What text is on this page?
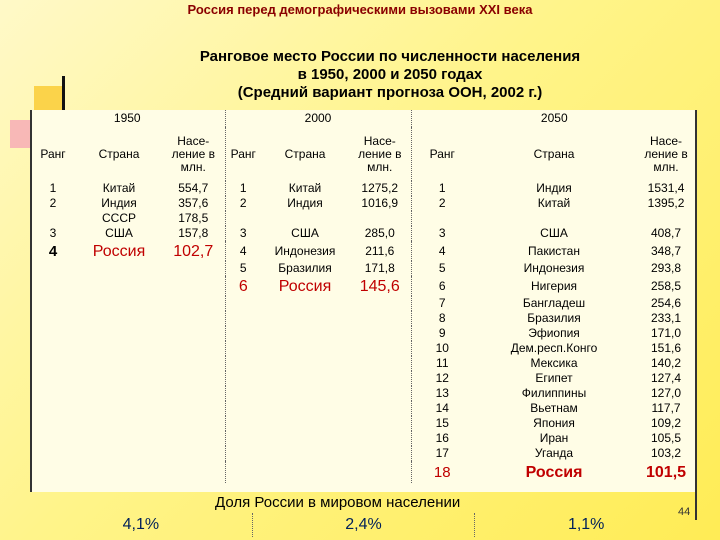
Россия перед демографическими вызовами XXI века
Ранговое место России по численности населения
в 1950, 2000 и 2050 годах
(Средний вариант прогноза ООН, 2002 г.)
1950			2000			2050		
Ранг	Страна	Насе-
ление в
млн.	Ранг	Страна	Насе-
ление в
млн.	Ранг	Страна	Насе-
ление в
млн.
1	Китай	554,7	1	Китай	1275,2	1	Индия	1531,4
2	Индия	357,6	2	Индия	1016,9	2	Китай	1395,2
	СССР	178,5						
3	США	157,8	3	США	285,0	3	США	408,7
4	Россия	102,7	4	Индонезия	211,6	4	Пакистан	348,7
			5	Бразилия	171,8	5	Индонезия	293,8
			6	Россия	145,6	6	Нигерия	258,5
						7	Бангладеш	254,6
						8	Бразилия	233,1
						9	Эфиопия	171,0
						10	Дем.респ.Конго	151,6
						11	Мексика	140,2
						12	Египет	127,4
						13	Филиппины	127,0
						14	Вьетнам	117,7
						15	Япония	109,2
						16	Иран	105,5
						17	Уганда	103,2
						18	Россия	101,5
Доля России в мировом населении
4,1%	2,4%	1,1%
44
